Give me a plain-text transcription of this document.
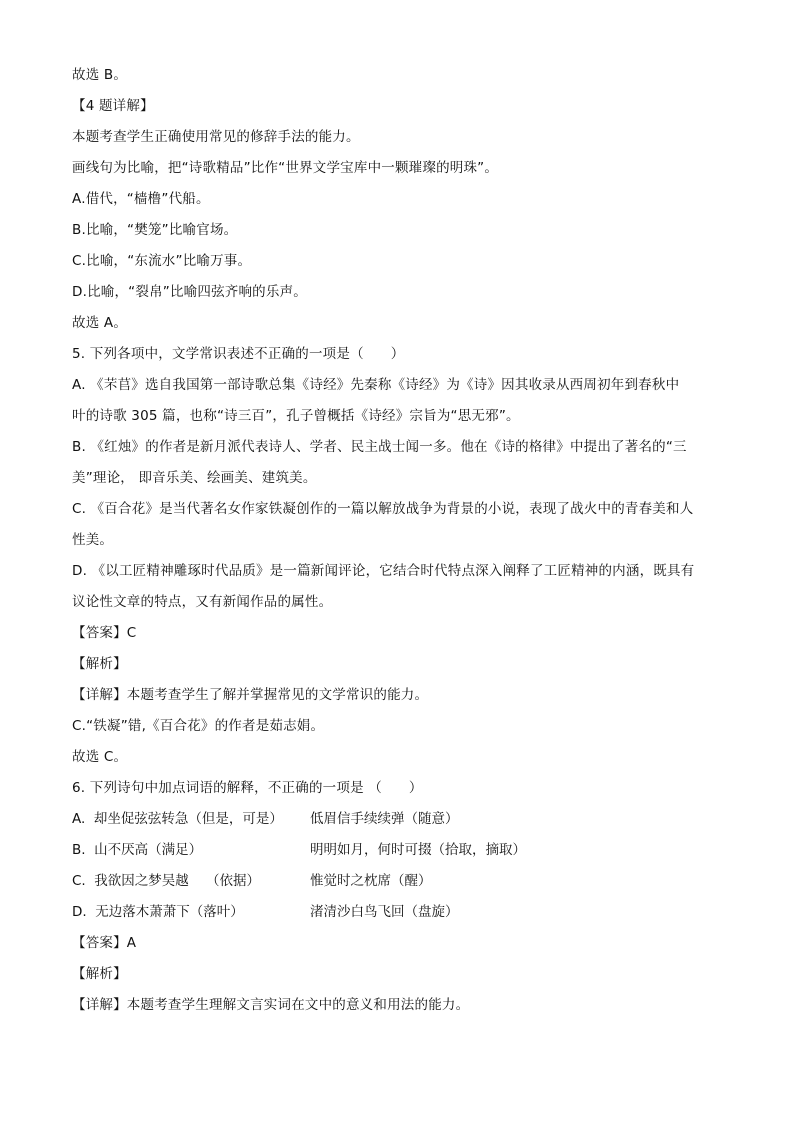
故选 B。
【4 题详解】
本题考查学生正确使用常见的修辞手法的能力。
画线句为比喻，把“诗歌精品”比作“世界文学宝库中一颗璀璨的明珠”。
A.借代，“樯橹”代船。
B.比喻，“樊笼”比喻官场。
C.比喻，“东流水”比喻万事。
D.比喻，“裂帛”比喻四弦齐响的乐声。
故选 A。
5. 下列各项中，文学常识表述不正确的一项是（      ）
A. 《芣苢》选自我国第一部诗歌总集《诗经》先秦称《诗经》为《诗》因其收录从西周初年到春秋中
叶的诗歌 305 篇，也称“诗三百”，孔子曾概括《诗经》宗旨为“思无邪”。
B. 《红烛》的作者是新月派代表诗人、学者、民主战士闻一多。他在《诗的格律》中提出了著名的“三
美”理论， 即音乐美、绘画美、建筑美。
C. 《百合花》是当代著名女作家铁凝创作的一篇以解放战争为背景的小说，表现了战火中的青春美和人
性美。
D. 《以工匠精神雕琢时代品质》是一篇新闻评论，它结合时代特点深入阐释了工匠精神的内涵，既具有
议论性文章的特点，又有新闻作品的属性。
【答案】C
【解析】
【详解】本题考查学生了解并掌握常见的文学常识的能力。
C.“铁凝”错,《百合花》的作者是茹志娟。
故选 C。
6. 下列诗句中加点词语的解释，不正确的一项是 （      ）
A.  却坐促弦弦转急（但是，可是） 低眉信手续续弹（随意）
B.  山不厌高（满足）	明明如月，何时可掇（拾取，摘取）
C.  我欲因之梦吴越    （依据）	惟觉时之枕席（醒）
D.  无边落木萧萧下（落叶）	渚清沙白鸟飞回（盘旋）
【答案】A
【解析】
【详解】本题考查学生理解文言实词在文中的意义和用法的能力。
